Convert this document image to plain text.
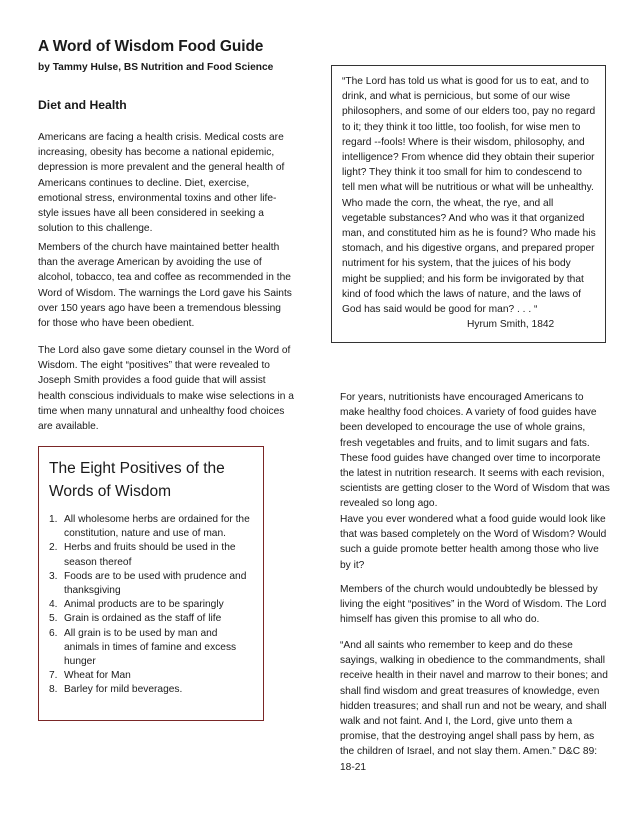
A Word of Wisdom Food Guide
by Tammy Hulse, BS Nutrition and Food Science
Diet and Health

Americans are facing a health crisis. Medical costs are increasing, obesity has become a national epidemic, depression is more prevalent and the general health of Americans continues to decline. Diet, exercise, emotional stress, environmental toxins and other life-style issues have all been considered in seeking a solution to this challenge.

Members of the church have maintained better health than the average American by avoiding the use of alcohol, tobacco, tea and coffee as recommended in the Word of Wisdom. The warnings the Lord gave his Saints over 150 years ago have been a tremendous blessing for those who have been obedient.

The Lord also gave some dietary counsel in the Word of Wisdom. The eight “positives” that were revealed to Joseph Smith provides a food guide that will assist health conscious individuals to make wise selections in a time when many unnatural and unhealthy food choices are available.

“The Lord has told us what is good for us to eat, and to drink, and what is pernicious, but some of our wise philosophers, and some of our elders too, pay no regard to it; they think it too little, too foolish, for wise men to regard --fools! Where is their wisdom, philosophy, and intelligence? From whence did they obtain their superior light? They think it too small for him to condescend to tell men what will be nutritious or what will be unhealthy. Who made the corn, the wheat, the rye, and all vegetable substances? And who was it that organized man, and constituted him as he is found? Who made his stomach, and his digestive organs, and prepared proper nutriment for his system, that the juices of his body might be supplied; and his form be invigorated by that kind of food which the laws of nature, and the laws of God has said would be good for man? . . . “

Hyrum Smith, 1842

The Eight Positives of the Words of Wisdom
1. All wholesome herbs are ordained for the constitution, nature and use of man.
2. Herbs and fruits should be used in the season thereof
3. Foods are to be used with prudence and thanksgiving
4. Animal products are to be sparingly
5. Grain is ordained as the staff of life
6. All grain is to be used by man and animals in times of famine and excess hunger
7. Wheat for Man
8. Barley for mild beverages.

For years, nutritionists have encouraged Americans to make healthy food choices. A variety of food guides have been developed to encourage the use of whole grains, fresh vegetables and fruits, and to limit sugars and fats. These food guides have changed over time to incorporate the latest in nutrition research. It seems with each revision, scientists are getting closer to the Word of Wisdom that was revealed so long ago.

Have you ever wondered what a food guide would look like that was based completely on the Word of Wisdom? Would such a guide promote better health among those who live by it?

Members of the church would undoubtedly be blessed by living the eight “positives” in the Word of Wisdom. The Lord himself has given this promise to all who do.

“And all saints who remember to keep and do these sayings, walking in obedience to the commandments, shall receive health in their navel and marrow to their bones; and shall find wisdom and great treasures of knowledge, even hidden treasures; and shall run and not be weary, and shall walk and not faint. And I, the Lord, give unto them a promise, that the destroying angel shall pass by hem, as the children of Israel, and not slay them. Amen.” D&C 89: 18-21
